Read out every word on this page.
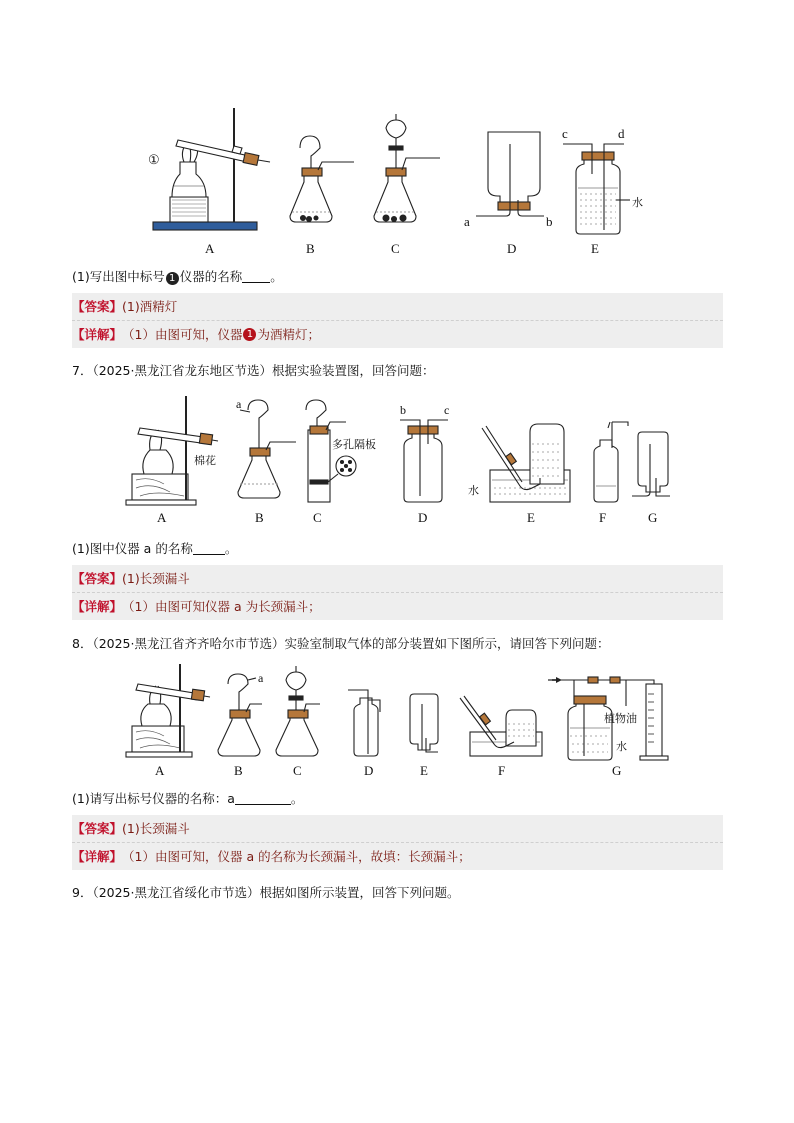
①
A	B	C	D	E
a	b
c	d
水
(1)写出图中标号 1 仪器的名称 。
【答案】 (1)酒精灯
【详解】 （1）由图可知，仪器 1 为酒精灯；
7．（2025·黑龙江省龙东地区节选）根据实验装置图，回答问题：
a	b	c
棉花
多孔隔板
水
A	B	C	D	E	F	G
(1)图中仪器 a 的名称	。
【答案】 (1)长颈漏斗
【详解】 （1）由图可知仪器 a 为长颈漏斗；
8．（2025·黑龙江省齐齐哈尔市节选）实验室制取气体的部分装置如下图所示，请回答下列问题：
a
植物油
水
A	B	C	D	E	F	G
(1)请写出标号仪器的名称：a	。
【答案】 (1)长颈漏斗
【详解】 （1）由图可知，仪器 a 的名称为长颈漏斗，故填：长颈漏斗；
9．（2025·黑龙江省绥化市节选）根据如图所示装置，回答下列问题。
